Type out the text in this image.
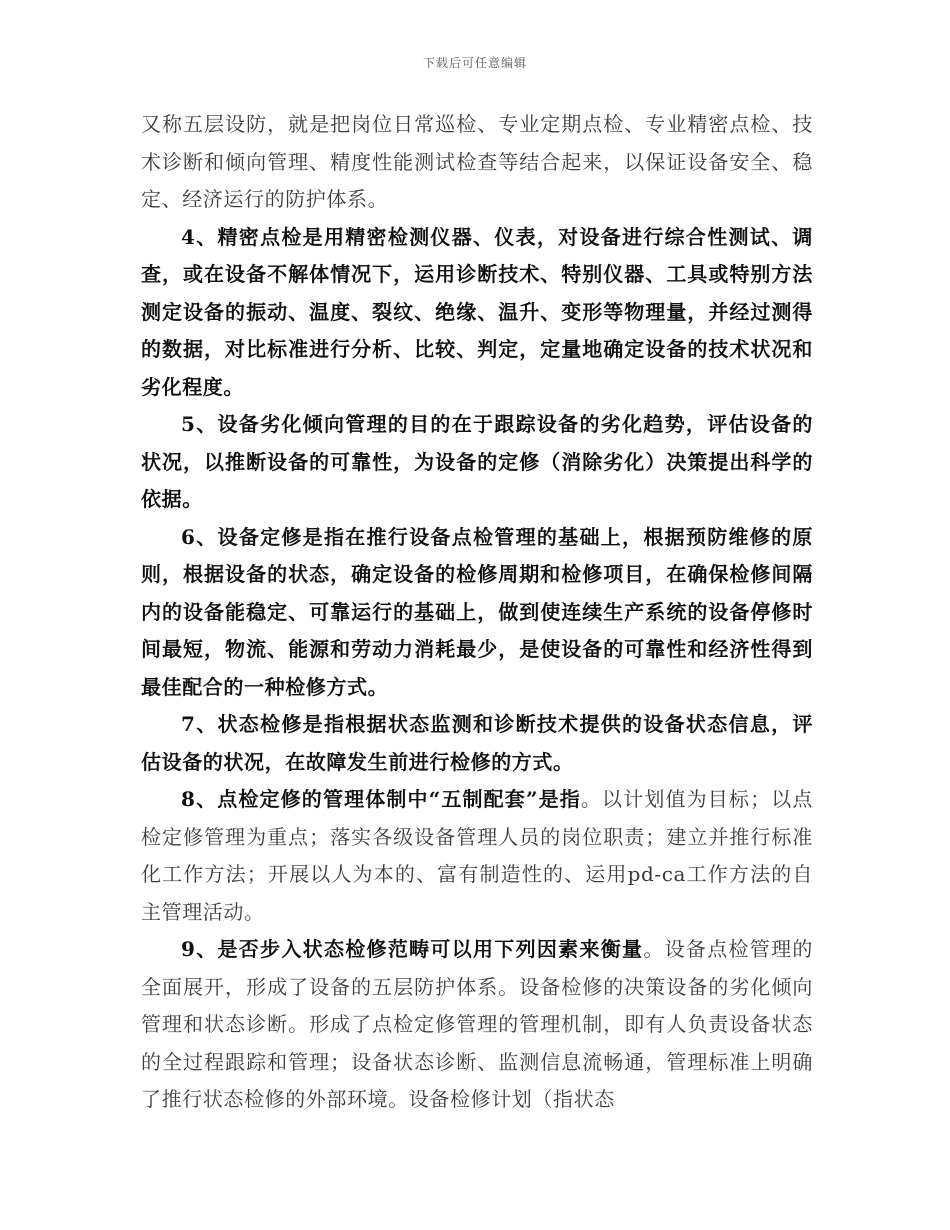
下载后可任意编辑

又称五层设防，就是把岗位日常巡检、专业定期点检、专业精密点检、技术诊断和倾向管理、精度性能测试检查等结合起来，以保证设备安全、稳定、经济运行的防护体系。

4、精密点检是用精密检测仪器、仪表，对设备进行综合性测试、调查，或在设备不解体情况下，运用诊断技术、特别仪器、工具或特别方法测定设备的振动、温度、裂纹、绝缘、温升、变形等物理量，并经过测得的数据，对比标准进行分析、比较、判定，定量地确定设备的技术状况和劣化程度。

5、设备劣化倾向管理的目的在于跟踪设备的劣化趋势，评估设备的状况，以推断设备的可靠性，为设备的定修（消除劣化）决策提出科学的依据。

6、设备定修是指在推行设备点检管理的基础上，根据预防维修的原则，根据设备的状态，确定设备的检修周期和检修项目，在确保检修间隔内的设备能稳定、可靠运行的基础上，做到使连续生产系统的设备停修时间最短，物流、能源和劳动力消耗最少，是使设备的可靠性和经济性得到最佳配合的一种检修方式。

7、状态检修是指根据状态监测和诊断技术提供的设备状态信息，评估设备的状况，在故障发生前进行检修的方式。

8、点检定修的管理体制中“五制配套”是指。以计划值为目标；以点检定修管理为重点；落实各级设备管理人员的岗位职责；建立并推行标准化工作方法；开展以人为本的、富有制造性的、运用pd-ca工作方法的自主管理活动。

9、是否步入状态检修范畴可以用下列因素来衡量。设备点检管理的全面展开，形成了设备的五层防护体系。设备检修的决策设备的劣化倾向管理和状态诊断。形成了点检定修管理的管理机制，即有人负责设备状态的全过程跟踪和管理；设备状态诊断、监测信息流畅通，管理标准上明确了推行状态检修的外部环境。设备检修计划（指状态
